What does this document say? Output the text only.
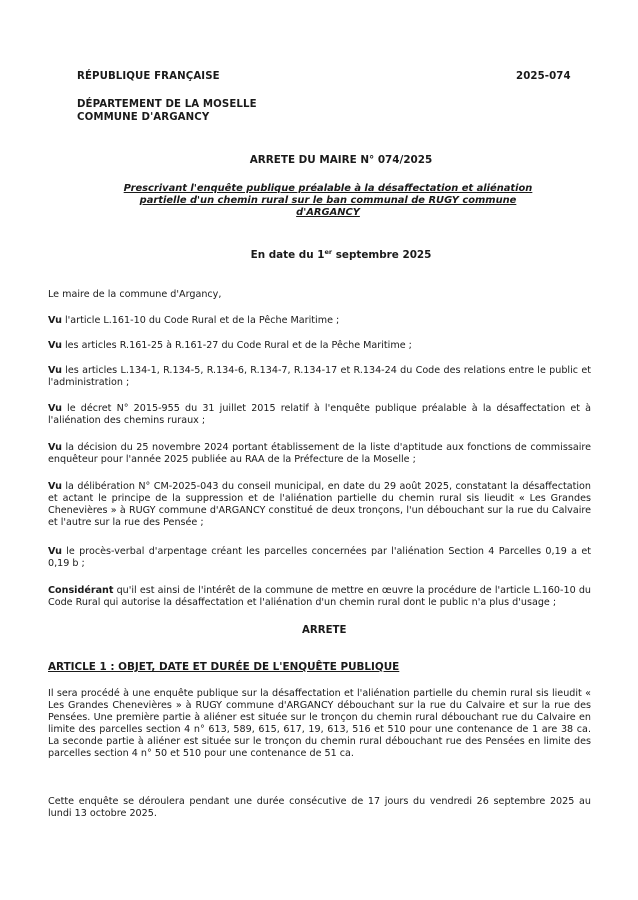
RÉPUBLIQUE FRANÇAISE	2025-074
DÉPARTEMENT DE LA MOSELLE
COMMUNE D'ARGANCY
ARRETE DU MAIRE N° 074/2025
Prescrivant l'enquête publique préalable à la désaffectation et aliénation partielle d'un chemin rural sur le ban communal de RUGY commune d'ARGANCY
En date du 1er septembre 2025
Le maire de la commune d'Argancy,
Vu l'article L.161-10 du Code Rural et de la Pêche Maritime ;
Vu les articles R.161-25 à R.161-27 du Code Rural et de la Pêche Maritime ;
Vu les articles L.134-1, R.134-5, R.134-6, R.134-7, R.134-17 et R.134-24 du Code des relations entre le public et l'administration ;
Vu le décret N° 2015-955 du 31 juillet 2015 relatif à l'enquête publique préalable à la désaffectation et à l'aliénation des chemins ruraux ;
Vu la décision du 25 novembre 2024 portant établissement de la liste d'aptitude aux fonctions de commissaire enquêteur pour l'année 2025 publiée au RAA de la Préfecture de la Moselle ;
Vu la délibération N° CM-2025-043 du conseil municipal, en date du 29 août 2025, constatant la désaffectation et actant le principe de la suppression et de l'aliénation partielle du chemin rural sis lieudit « Les Grandes Chenevières » à RUGY commune d'ARGANCY constitué de deux tronçons, l'un débouchant sur la rue du Calvaire et l'autre sur la rue des Pensée ;
Vu le procès-verbal d'arpentage créant les parcelles concernées par l'aliénation Section 4 Parcelles 0,19 a et 0,19 b ;
Considérant qu'il est ainsi de l'intérêt de la commune de mettre en œuvre la procédure de l'article L.160-10 du Code Rural qui autorise la désaffectation et l'aliénation d'un chemin rural dont le public n'a plus d'usage ;
ARRETE
ARTICLE 1 : OBJET, DATE ET DURÉE DE L'ENQUÊTE PUBLIQUE
Il sera procédé à une enquête publique sur la désaffectation et l'aliénation partielle du chemin rural sis lieudit « Les Grandes Chenevières » à RUGY commune d'ARGANCY débouchant sur la rue du Calvaire et sur la rue des Pensées. Une première partie à aliéner est située sur le tronçon du chemin rural débouchant rue du Calvaire en limite des parcelles section 4 n° 613, 589, 615, 617, 19, 613, 516 et 510 pour une contenance de 1 are 38 ca. La seconde partie à aliéner est située sur le tronçon du chemin rural débouchant rue des Pensées en limite des parcelles section 4 n° 50 et 510 pour une contenance de 51 ca.
Cette enquête se déroulera pendant une durée consécutive de 17 jours du vendredi 26 septembre 2025 au lundi 13 octobre 2025.
